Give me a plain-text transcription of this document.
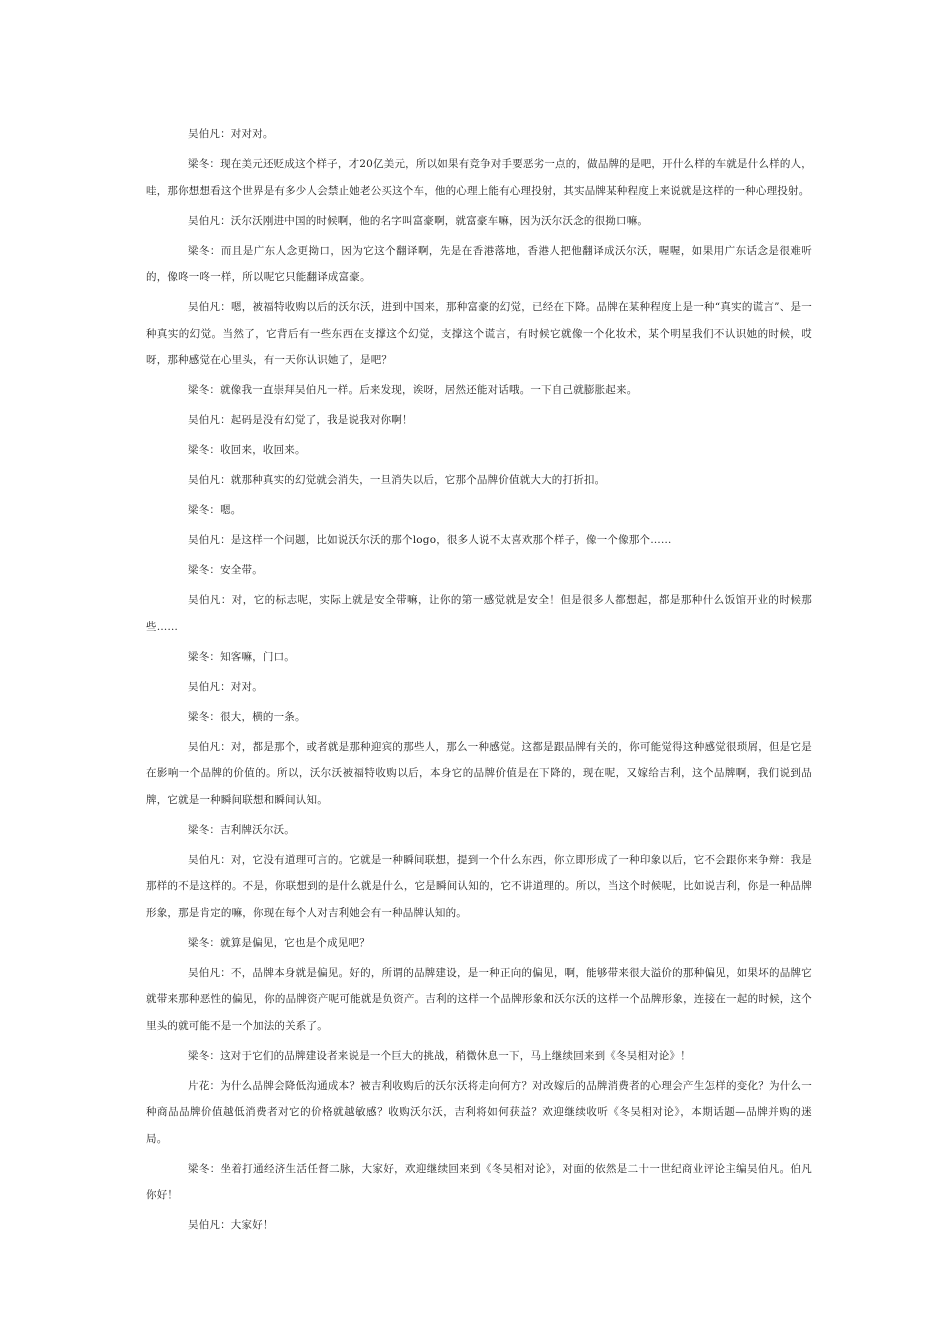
吴伯凡：对对对。

梁冬：现在美元还贬成这个样子，才20亿美元，所以如果有竞争对手要恶劣一点的，做品牌的是吧，开什么样的车就是什么样的人，哇，那你想想看这个世界是有多少人会禁止她老公买这个车，他的心理上能有心理投射，其实品牌某种程度上来说就是这样的一种心理投射。

吴伯凡：沃尔沃刚进中国的时候啊，他的名字叫富豪啊，就富豪车嘛，因为沃尔沃念的很拗口嘛。

梁冬：而且是广东人念更拗口，因为它这个翻译啊，先是在香港落地，香港人把他翻译成沃尔沃，喔喔，如果用广东话念是很难听的，像咚一咚一样，所以呢它只能翻译成富豪。

吴伯凡：嗯，被福特收购以后的沃尔沃，进到中国来，那种富豪的幻觉，已经在下降。品牌在某种程度上是一种“真实的谎言”、是一种真实的幻觉。当然了，它背后有一些东西在支撑这个幻觉，支撑这个谎言，有时候它就像一个化妆术，某个明星我们不认识她的时候，哎呀，那种感觉在心里头，有一天你认识她了，是吧？

梁冬：就像我一直崇拜吴伯凡一样。后来发现，诶呀，居然还能对话哦。一下自己就膨胀起来。

吴伯凡：起码是没有幻觉了，我是说我对你啊！

梁冬：收回来，收回来。

吴伯凡：就那种真实的幻觉就会消失，一旦消失以后，它那个品牌价值就大大的打折扣。

梁冬：嗯。

吴伯凡：是这样一个问题，比如说沃尔沃的那个logo，很多人说不太喜欢那个样子，像一个像那个……

梁冬：安全带。

吴伯凡：对，它的标志呢，实际上就是安全带嘛，让你的第一感觉就是安全！但是很多人都想起，都是那种什么饭馆开业的时候那些……

梁冬：知客嘛，门口。

吴伯凡：对对。

梁冬：很大，横的一条。

吴伯凡：对，都是那个，或者就是那种迎宾的那些人，那么一种感觉。这都是跟品牌有关的，你可能觉得这种感觉很琐屑，但是它是在影响一个品牌的价值的。所以，沃尔沃被福特收购以后，本身它的品牌价值是在下降的，现在呢，又嫁给吉利，这个品牌啊，我们说到品牌，它就是一种瞬间联想和瞬间认知。

梁冬：吉利牌沃尔沃。

吴伯凡：对，它没有道理可言的。它就是一种瞬间联想，提到一个什么东西，你立即形成了一种印象以后，它不会跟你来争辩：我是那样的不是这样的。不是，你联想到的是什么就是什么，它是瞬间认知的，它不讲道理的。所以，当这个时候呢，比如说吉利，你是一种品牌形象，那是肯定的嘛，你现在每个人对吉利她会有一种品牌认知的。

梁冬：就算是偏见，它也是个成见吧？

吴伯凡：不，品牌本身就是偏见。好的，所谓的品牌建设，是一种正向的偏见，啊，能够带来很大溢价的那种偏见，如果坏的品牌它就带来那种恶性的偏见，你的品牌资产呢可能就是负资产。吉利的这样一个品牌形象和沃尔沃的这样一个品牌形象，连接在一起的时候，这个里头的就可能不是一个加法的关系了。

梁冬：这对于它们的品牌建设者来说是一个巨大的挑战，稍微休息一下，马上继续回来到《冬吴相对论》！

片花：为什么品牌会降低沟通成本？被吉利收购后的沃尔沃将走向何方？对改嫁后的品牌消费者的心理会产生怎样的变化？为什么一种商品品牌价值越低消费者对它的价格就越敏感？收购沃尔沃，吉利将如何获益？欢迎继续收听《冬吴相对论》，本期话题—品牌并购的迷局。

梁冬：坐着打通经济生活任督二脉，大家好，欢迎继续回来到《冬吴相对论》，对面的依然是二十一世纪商业评论主编吴伯凡。伯凡你好！

吴伯凡：大家好！
